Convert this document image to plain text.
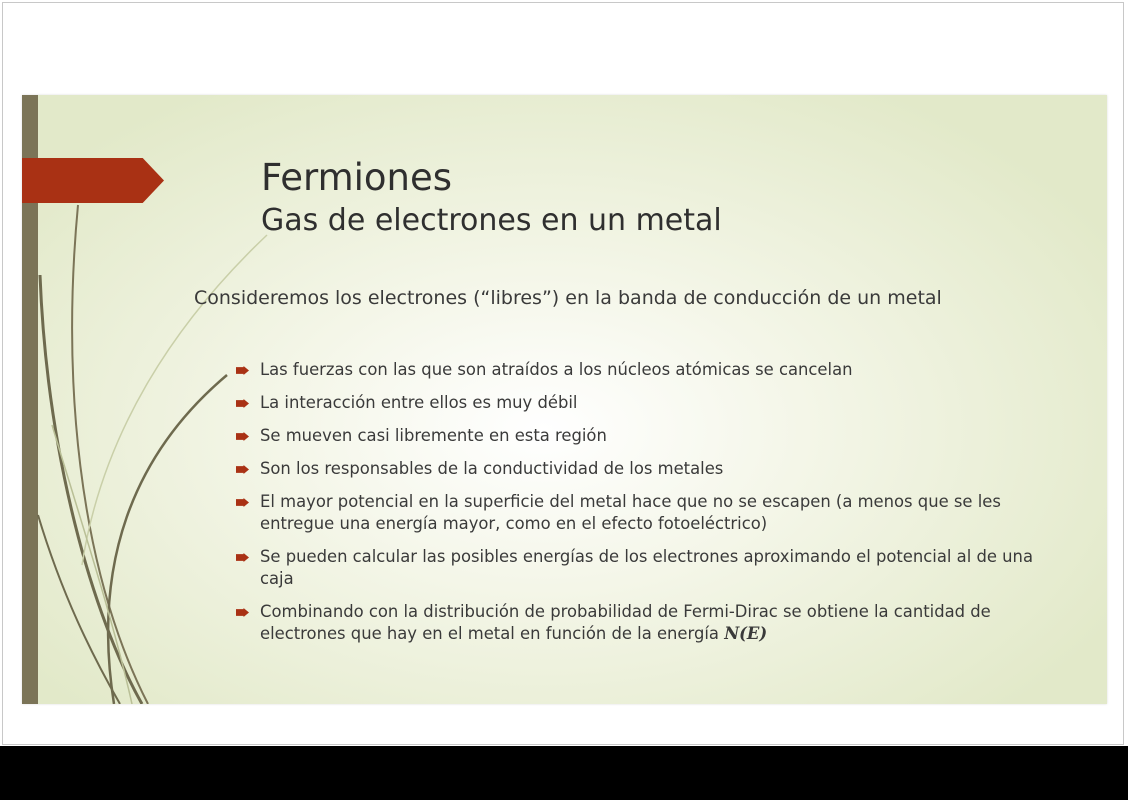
Fermiones
Gas de electrones en un metal
Consideremos los electrones (“libres”) en la banda de conducción de un metal
Las fuerzas con las que son atraídos a los núcleos atómicas se cancelan
La interacción entre ellos es muy débil
Se mueven casi libremente en esta región
Son los responsables de la conductividad de los metales
El mayor potencial en la superficie del metal hace que no se escapen (a menos que se les entregue una energía mayor, como en el efecto fotoeléctrico)
Se pueden calcular las posibles energías de los electrones aproximando el potencial al de una caja
Combinando con la distribución de probabilidad de Fermi-Dirac se obtiene la cantidad de electrones que hay en el metal en función de la energía N(E)
